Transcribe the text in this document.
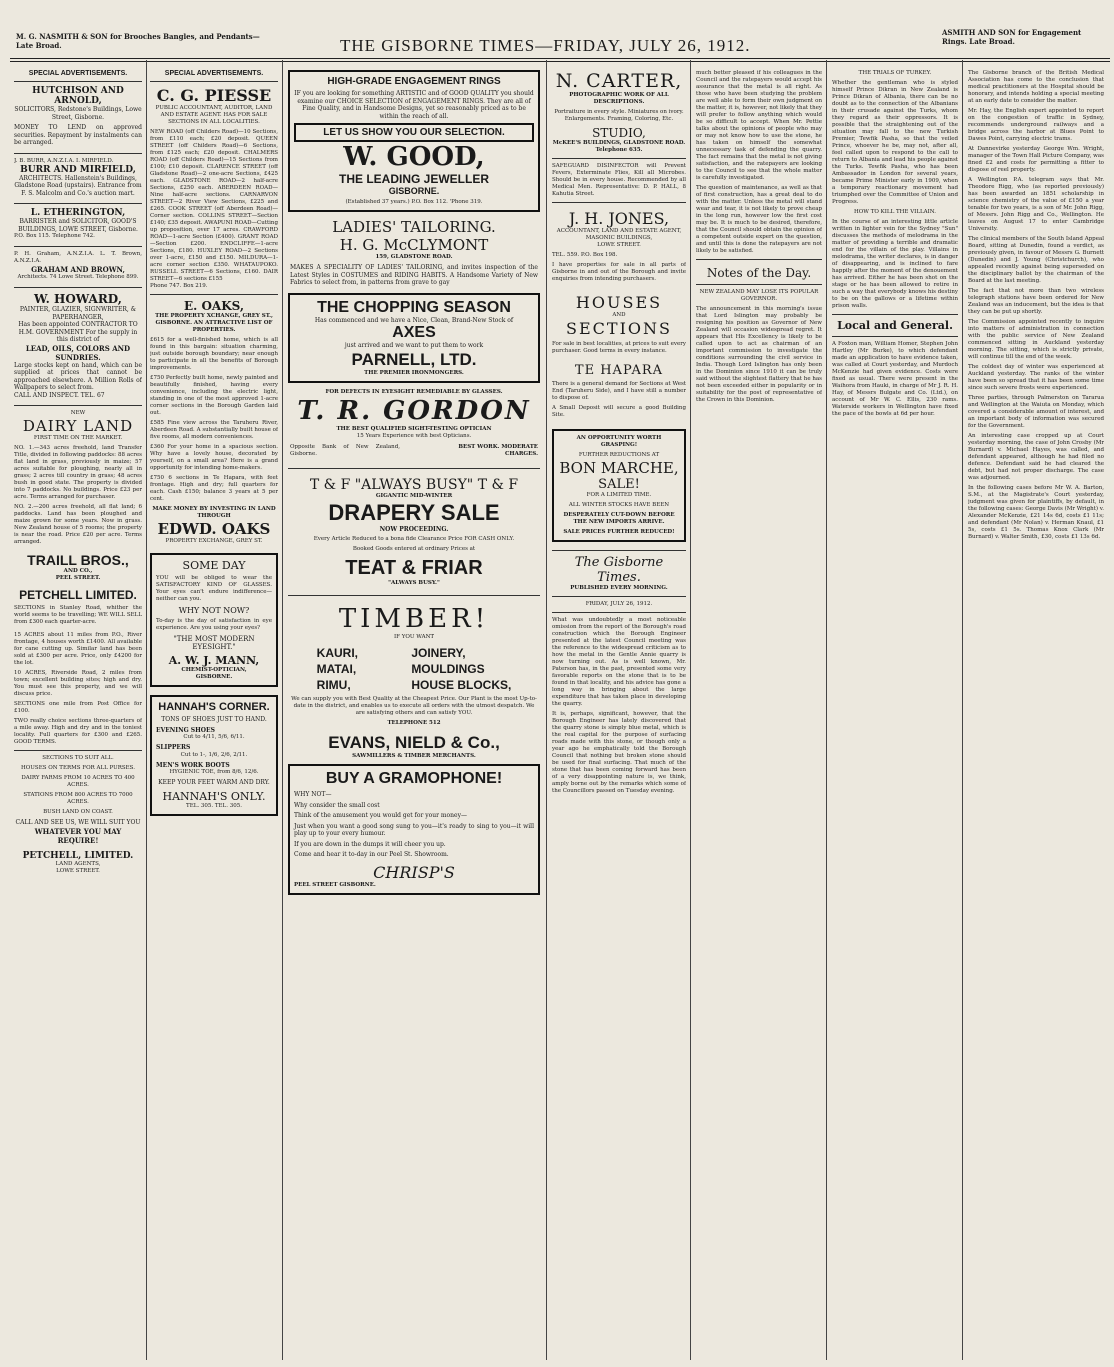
M. G. NASMITH & SON for Brooches Bangles, and Pendants—Late Broad.	THE GISBORNE TIMES—FRIDAY, JULY 26, 1912.
ASMITH AND SON for Engagement Rings. Late Broad.
SPECIAL ADVERTISEMENTS.
HUTCHISON AND ARNOLD,
SOLICITORS, Redstone's Buildings, Lowe Street, Gisborne.
MONEY TO LEND on approved securities. Repayment by instalments can be arranged.
J. B. BURR, A.N.Z.I.A. I. MIRFIELD.
BURR AND MIRFIELD,
ARCHITECTS. Hallenstein's Buildings, Gladstone Road (upstairs). Entrance from F. S. Malcolm and Co.'s auction mart.
L. ETHERINGTON,
BARRISTER and SOLICITOR, GOOD'S BUILDINGS, LOWE STREET, Gisborne.
P.O. Box 115. Telephone 742.
P. H. Graham, A.N.Z.I.A. L. T. Brown, A.N.Z.I.A.
GRAHAM AND BROWN,
Architects. 74 Lowe Street. Telephone 899.
W. HOWARD,
PAINTER, GLAZIER, SIGNWRITER, & PAPERHANGER,
Has been appointed CONTRACTOR TO H.M. GOVERNMENT For the supply in this district of
LEAD, OILS, COLORS AND SUNDRIES.
Large stocks kept on hand, which can be supplied at prices that cannot be approached elsewhere. A Million Rolls of Wallpapers to select from.
CALL AND INSPECT. TEL. 67
NEW
DAIRY LAND
FIRST TIME ON THE MARKET.
NO. 1.—343 acres freehold, land Transfer Title, divided in following paddocks: 88 acres flat land in grass, previously in maize; 57 acres suitable for ploughing, nearly all in grass; 2 acres till country in grass; 48 acres bush in good state. The property is divided into 7 paddocks. No buildings. Price £23 per acre. Terms arranged for purchaser.
NO. 2.—200 acres freehold, all flat land; 6 paddocks. Land has been ploughed and maize grown for some years. Now in grass. New Zealand house of 5 rooms; the property is near the road. Price £20 per acre. Terms arranged.
TRAILL BROS.,
AND CO.,
PEEL STREET.
PETCHELL LIMITED.
SECTIONS in Stanley Road, whither the world seems to be travelling; WE WILL SELL from £300 each quarter-acre.
15 ACRES about 11 miles from P.O., River frontage, 4 houses worth £1400. All available for cane cutting up. Similar land has been sold at £300 per acre. Price, only £4200 for the lot.
10 ACRES, Riverside Road, 2 miles from town; excellent building sites; high and dry. You must see this property, and we will discuss price.
SECTIONS one mile from Post Office for £100.
TWO really choice sections three-quarters of a mile away. High and dry and in the toniest locality. Full quarters for £300 and £265. GOOD TERMS.
SECTIONS TO SUIT ALL.
HOUSES ON TERMS FOR ALL PURSES.
DAIRY FARMS FROM 10 ACRES TO 400 ACRES.
STATIONS FROM 800 ACRES TO 7000 ACRES.
BUSH LAND ON COAST.
CALL AND SEE US, WE WILL SUIT YOU
WHATEVER YOU MAY REQUIRE!
PETCHELL, LIMITED.
LAND AGENTS,
LOWE STREET.
SPECIAL ADVERTISEMENTS.
C. G. PIESSE
PUBLIC ACCOUNTANT, AUDITOR, LAND AND ESTATE AGENT. HAS FOR SALE SECTIONS IN ALL LOCALITIES.
NEW ROAD (off Childers Road)—10 Sections, from £110 each; £20 deposit. QUEEN STREET (off Childers Road)—6 Sections, from £125 each; £20 deposit. CHALMERS ROAD (off Childers Road)—15 Sections from £100; £10 deposit. CLARENCE STREET (off Gladstone Road)—2 one-acre Sections, £425 each. GLADSTONE ROAD—2 half-acre Sections, £250 each. ABERDEEN ROAD—Nine half-acre sections. CARNARVON STREET—2 River View Sections, £225 and £265. COOK STREET (off Aberdeen Road)—Corner section. COLLINS STREET—Section £140; £35 deposit. AWAPUNI ROAD—Cutting up proposition, over 17 acres. CRAWFORD ROAD—1-acre Section (£400). GRANT ROAD—Section £200. ENDCLIFFE—1-acre Sections, £180. HUXLEY ROAD—2 Sections over 1-acre, £150 and £150. MILDURA—1-acre corner section £350. WHATAUPOKO. RUSSELL STREET—6 Sections, £160. DAIR STREET—6 sections £155
Phone 747. Box 219.
E. OAKS,
THE PROPERTY XCHANGE, GREY ST., GISBORNE. AN ATTRACTIVE LIST OF PROPERTIES.
£615 for a well-finished home, which is all found in this bargain: situation charming, just outside borough boundary; near enough to participate in all the benefits of Borough improvements.
£750 Perfectly built home, newly painted and beautifully finished, having every convenience, including the electric light, standing in one of the most approved 1-acre corner sections in the Borough Garden laid out.
£585 Fine view across the Taruheru River, Aberdeen Road. A substantially built house of five rooms, all modern conveniences.
£360 For your home in a spacious section. Why have a lovely house, decorated by yourself, on a small area? Here is a grand opportunity for intending home-makers.
£750 6 sections in Te Hapara, with feet frontage. High and dry; full quarters for each. Cash £150; balance 3 years at 5 per cent.
MAKE MONEY BY INVESTING IN LAND THROUGH
EDWD. OAKS
PROPERTY EXCHANGE, GREY ST.
SOME DAY
YOU will be obliged to wear the SATISFACTORY KIND OF GLASSES. Your eyes can't endure indifference—neither can you.
WHY NOT NOW?
To-day is the day of satisfaction in eye experience. Are you using your eyes?
"THE MOST MODERN EYESIGHT."
A. W. J. MANN,
CHEMIST-OPTICIAN,
GISBORNE.
HANNAH'S CORNER.
TONS OF SHOES JUST TO HAND.
EVENING SHOES
Cut to 4/11, 5/6, 6/11.
SLIPPERS
Cut to 1-, 1/6, 2/6, 2/11.
MEN'S WORK BOOTS
HYGIENIC TOE, from 8/6, 12/6.
KEEP YOUR FEET WARM AND DRY.
HANNAH'S ONLY.
TEL. 305. TEL. 305.
HIGH-GRADE ENGAGEMENT RINGS
IF you are looking for something ARTISTIC and of GOOD QUALITY you should examine our CHOICE SELECTION of ENGAGEMENT RINGS. They are all of Fine Quality, and in Handsome Designs, yet so reasonably priced as to be within the reach of all.
LET US SHOW YOU OUR SELECTION.
W. GOOD,
THE LEADING JEWELLER
GISBORNE.
(Established 37 years.) P.O. Box 112. 'Phone 319.
LADIES' TAILORING.
H. G. McCLYMONT
159, GLADSTONE ROAD.
MAKES A SPECIALITY OF LADIES' TAILORING, and invites inspection of the Latest Styles in COSTUMES and RIDING HABITS. A Handsome Variety of New Fabrics to select from, in patterns from grave to gay
THE CHOPPING SEASON
Has commenced and we have a Nice, Clean, Brand-New Stock of
AXES
just arrived and we want to put them to work
PARNELL, LTD.
THE PREMIER IRONMONGERS.
FOR DEFECTS IN EYESIGHT REMEDIABLE BY GLASSES.
T. R. GORDON
THE BEST QUALIFIED SIGHT-TESTING OPTICIAN
15 Years Experience with best Opticians.
Opposite Bank of New Zealand, Gisborne.
BEST WORK. MODERATE CHARGES.
T & F "ALWAYS BUSY" T & F
GIGANTIC MID-WINTER
DRAPERY SALE
NOW PROCEEDING.
Every Article Reduced to a bona fide Clearance Price FOR CASH ONLY.
Booked Goods entered at ordinary Prices at
TEAT & FRIAR
"ALWAYS BUSY."
TIMBER!
IF YOU WANT
KAURI,
MATAI,
RIMU,
JOINERY,
MOULDINGS
HOUSE BLOCKS,
We can supply you with Best Quality at the Cheapest Price. Our Plant is the most Up-to-date in the district, and enables us to execute all orders with the utmost despatch. We are satisfying others and can satisfy YOU.
TELEPHONE 512
EVANS, NIELD & Co.,
SAWMILLERS & TIMBER MERCHANTS.
BUY A GRAMOPHONE!
WHY NOT—
Why consider the small cost
Think of the amusement you would get for your money—
Just when you want a good song sung to you—it's ready to sing to you—it will play up to your every humour.
If you are down in the dumps it will cheer you up.
Come and hear it to-day in our Peel St. Showroom.
CHRISP'S
PEEL STREET GISBORNE.
N. CARTER,
PHOTOGRAPHIC WORK OF ALL DESCRIPTIONS.
Portraiture in every style. Miniatures on ivory. Enlargements. Framing, Coloring, Etc.
STUDIO,
McKEE'S BUILDINGS, GLADSTONE ROAD. Telephone 635.
SAFEGUARD DISINFECTOR will Prevent Fevers, Exterminate Flies, Kill all Microbes. Should be in every house. Recommended by all Medical Men. Representative: D. P. HALL, 8 Kahutia Street.
J. H. JONES,
ACCOUNTANT, LAND AND ESTATE AGENT,
MASONIC BUILDINGS,
LOWE STREET.
TEL. 559. P.O. Box 198.
I have properties for sale in all parts of Gisborne in and out of the Borough and invite enquiries from intending purchasers.
HOUSES
AND
SECTIONS
For sale in best localities, at prices to suit every purchaser. Good terms in every instance.
TE HAPARA
There is a general demand for Sections at West End (Taruheru Side), and I have still a number to dispose of.
A Small Deposit will secure a good Building Site.
AN OPPORTUNITY WORTH GRASPING!
FURTHER REDUCTIONS AT
BON MARCHE,
SALE!
FOR A LIMITED TIME.
ALL WINTER STOCKS HAVE BEEN
DESPERATELY CUT-DOWN BEFORE THE NEW IMPORTS ARRIVE.
SALE PRICES FURTHER REDUCED!
The Gisborne Times.
PUBLISHED EVERY MORNING.
FRIDAY, JULY 26, 1912.
What was undoubtedly a most noticeable omission from the report of the Borough's road construction which the Borough Engineer presented at the latest Council meeting was the reference to the widespread criticism as to how the metal in the Gentle Annie quarry is now turning out. As is well known, Mr. Paterson has, in the past, presented some very favorable reports on the stone that is to be found in that locality, and his advice has gone a long way in bringing about the large expenditure that has taken place in developing the quarry.
It is, perhaps, significant, however, that the Borough Engineer has lately discovered that the quarry stone is simply blue metal, which is the real capital for the purpose of surfacing roads made with this stone, or though only a year ago he emphatically told the Borough Council that nothing but broken stone should be used for final surfacing. That much of the stone that has been coming forward has been of a very disappointing nature is, we think, amply borne out by the remarks which some of the Councillors passed on Tuesday evening.
much better pleased if his colleagues in the Council and the ratepayers would accept his assurance that the metal is all right. As those who have been studying the problem are well able to form their own judgment on the matter, it is, however, not likely that they will prefer to follow anything which would be so difficult to accept. When Mr. Pettie talks about the opinions of people who may or may not know how to use the stone, he has taken on himself the somewhat unnecessary task of defending the quarry. The fact remains that the metal is not giving satisfaction, and the ratepayers are looking to the Council to see that the whole matter is carefully investigated.
The question of maintenance, as well as that of first construction, has a great deal to do with the matter. Unless the metal will stand wear and tear, it is not likely to prove cheap in the long run, however low the first cost may be. It is much to be desired, therefore, that the Council should obtain the opinion of a competent outside expert on the question, and until this is done the ratepayers are not likely to be satisfied.
Notes of the Day.
NEW ZEALAND MAY LOSE ITS POPULAR GOVERNOR.
The announcement in this morning's issue that Lord Islington may probably be resigning his position as Governor of New Zealand will occasion widespread regret. It appears that His Excellency is likely to be called upon to act as chairman of an important commission to investigate the conditions surrounding the civil service in India. Though Lord Islington has only been in the Dominion since 1910 it can be truly said without the slightest flattery that he has not been exceeded either in popularity or in suitability for the post of representative of the Crown in this Dominion.
THE TRIALS OF TURKEY.
Whether the gentleman who is styled himself Prince Dikran in New Zealand is Prince Dikran of Albania, there can be no doubt as to the connection of the Albanians in their crusade against the Turks, whom they regard as their oppressors. It is possible that the straightening out of the situation may fall to the new Turkish Premier, Tewfik Pasha, so that the veiled Prince, whoever he be, may not, after all, feel called upon to respond to the call to return to Albania and lead his people against the Turks. Tewfik Pasha, who has been Ambassador in London for several years, became Prime Minister early in 1909, when a temporary reactionary movement had triumphed over the Committee of Union and Progress.
HOW TO KILL THE VILLAIN.
In the course of an interesting little article written in lighter vein for the Sydney "Sun" discusses the methods of melodrama in the matter of providing a terrible and dramatic end for the villain of the play. Villains in melodrama, the writer declares, is in danger of disappearing, and is inclined to fare happily after the moment of the denouement has arrived. Either he has been shot on the stage or he has been allowed to retire in such a way that everybody knows his destiny to be on the gallows or a lifetime within prison walls.
Local and General.
A Foxton man, William Homer, Stephen John Hartley (Mr Burke), to which defendant made an application to have evidence taken, was called at Court yesterday, and Murdoch McKenzie had given evidence. Costs were fixed as usual. There were present in the Waihora from Hauki, in charge of Mr J. R. H. Hay, of Messrs Bulgate and Co. (Ltd.), on account of Mr W. C. Ellis, 230 rams. Waterside workers in Wellington have fixed the pace of the bowls at 6d per hour.
The Gisborne branch of the British Medical Association has come to the conclusion that medical practitioners at the Hospital should be honorary, and intends holding a special meeting at an early date to consider the matter.
Mr. Hay, the English expert appointed to report on the congestion of traffic in Sydney, recommends underground railways and a bridge across the harbor at Blues Point to Dawes Point, carrying electric trams.
At Dannevirke yesterday George Wm. Wright, manager of the Town Hall Picture Company, was fined £2 and costs for permitting a fitter to dispose of reel property.
A Wellington P.A. telegram says that Mr. Theodore Rigg, who (as reported previously) has been awarded an 1851 scholarship in science chemistry of the value of £150 a year tenable for two years, is a son of Mr. John Rigg, of Messrs. John Rigg and Co., Wellington. He leaves on August 17 to enter Cambridge University.
The clinical members of the South Island Appeal Board, sitting at Dunedin, found a verdict, as previously given, in favour of Messrs G. Burnett (Dunedin) and J. Young (Christchurch), who appealed recently against being superseded on the disciplinary ballot by the chairman of the Board at the last meeting.
The fact that not more than two wireless telegraph stations have been ordered for New Zealand was an inducement, but the idea is that they can be put up shortly.
The Commission appointed recently to inquire into matters of administration in connection with the public service of New Zealand commenced sitting in Auckland yesterday morning. The sitting, which is strictly private, will continue till the end of the week.
The coldest day of winter was experienced at Auckland yesterday. The ranks of the winter have been so spread that it has been some time since such severe frosts were experienced.
Three parties, through Palmerston on Tararua and Wellington at the Waiuta on Monday, which covered a considerable amount of interest, and an important body of information was secured for the Government.
An interesting case cropped up at Court yesterday morning, the case of John Crosby (Mr Burnard) v. Michael Hayes, was called, and defendant appeared, although he had filed no defence. Defendant said he had cleared the debt, but had not proper discharge. The case was adjourned.
In the following cases before Mr W. A. Barton, S.M., at the Magistrate's Court yesterday, judgment was given for plaintiffs, by default, in the following cases: George Davis (Mr Wright) v. Alexander McKenzie, £21 14s 6d, costs £1 11s; and defendant (Mr Nolan) v. Herman Knaul, £1 5s, costs £1 5s. Thomas Knox Clark (Mr Burnard) v. Walter Smith, £30, costs £1 13s 6d.
